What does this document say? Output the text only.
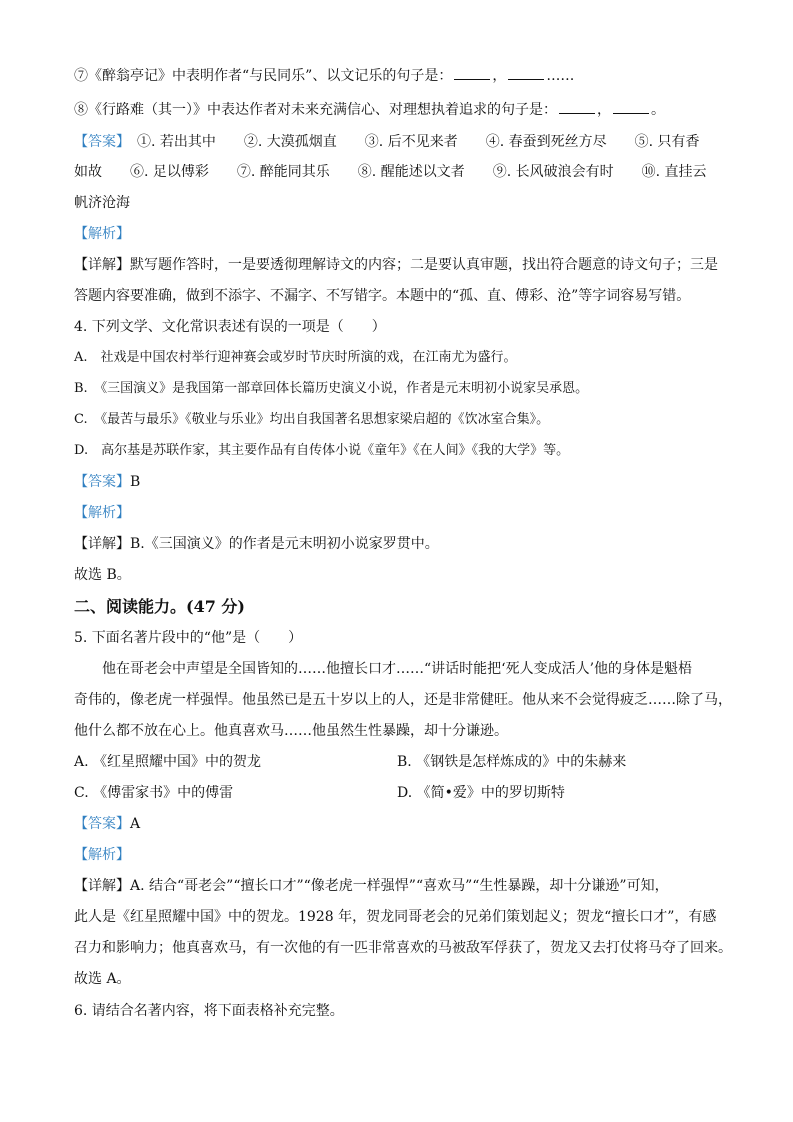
⑦《醉翁亭记》中表明作者“与民同乐”、以文记乐的句子是：	，	……
⑧《行路难（其一）》中表达作者对未来充满信心、对理想执着追求的句子是：	，	。
【答案】　 ①. 若出其中　　②. 大漠孤烟直　　③. 后不见来者　　④. 春蚕到死丝方尽　　⑤. 只有香
如故　　⑥. 足以傅彩　　⑦. 醉能同其乐　　⑧. 醒能述以文者　　⑨. 长风破浪会有时　　⑩. 直挂云
帆济沧海
【解析】
【详解】默写题作答时，一是要透彻理解诗文的内容；二是要认真审题，找出符合题意的诗文句子；三是
答题内容要准确，做到不添字、不漏字、不写错字。本题中的“孤、直、傅彩、沧”等字词容易写错。
4. 下列文学、文化常识表述有误的一项是（　　）
A.　社戏是中国农村举行迎神赛会或岁时节庆时所演的戏，在江南尤为盛行。
B.　《三国演义》是我国第一部章回体长篇历史演义小说，作者是元末明初小说家吴承恩。
C.　《最苦与最乐》《敬业与乐业》均出自我国著名思想家梁启超的《饮冰室合集》。
D.　高尔基是苏联作家，其主要作品有自传体小说《童年》《在人间》《我的大学》等。
【答案】B
【解析】
【详解】B.《三国演义》的作者是元末明初小说家罗贯中。
故选 B。
二、阅读能力。(47 分)
5. 下面名著片段中的“他”是（　　）
他在哥老会中声望是全国皆知的……他擅长口才……“讲话时能把‘死人变成活人’他的身体是魁梧
奇伟的，像老虎一样强悍。他虽然已是五十岁以上的人，还是非常健旺。他从来不会觉得疲乏……除了马，
他什么都不放在心上。他真喜欢马……他虽然生性暴躁，却十分谦逊。
A. 《红星照耀中国》中的贺龙	B. 《钢铁是怎样炼成的》中的朱赫来
C. 《傅雷家书》中的傅雷	D. 《简•爱》中的罗切斯特
【答案】A
【解析】
【详解】A. 结合“哥老会”“擅长口才”“像老虎一样强悍”“喜欢马”“生性暴躁，却十分谦逊”可知，
此人是《红星照耀中国》中的贺龙。1928 年，贺龙同哥老会的兄弟们策划起义；贺龙“擅长口才”，有感
召力和影响力；他真喜欢马，有一次他的有一匹非常喜欢的马被敌军俘获了，贺龙又去打仗将马夺了回来。
故选 A。
6. 请结合名著内容，将下面表格补充完整。
